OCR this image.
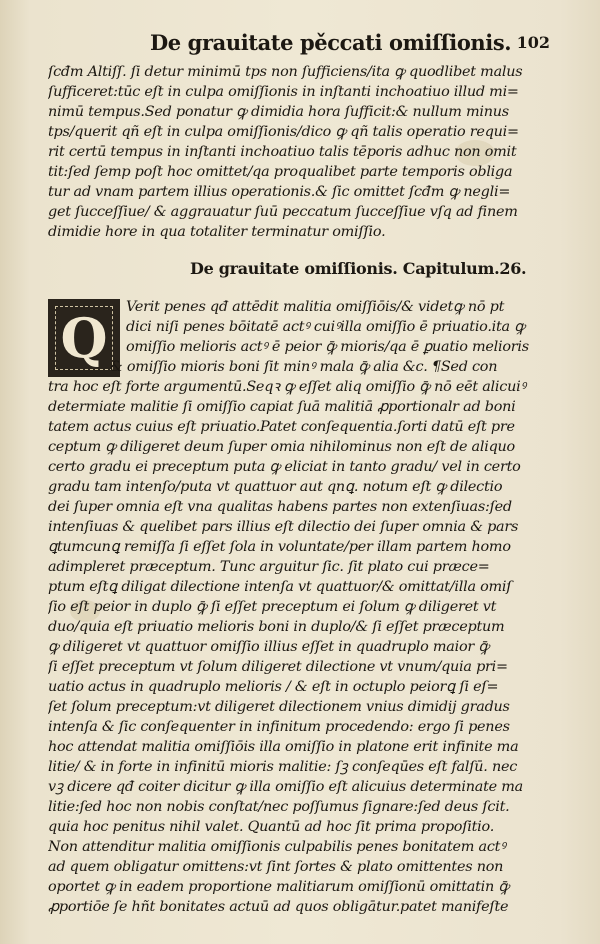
De grauitate pěccati omiſſionis. 102
ſcđm Altiſſ. ſi detur minimū tps non ſufficiens/ita ꝙ quodlibet malus
ſufficeret:tūc eſt in culpa omiſſionis in inſtanti inchoatiuo illud mi=
nimū tempus.Sed ponatur ꝙ dimidia hora ſufficit:& nullum minus
tps/querit qñ eſt in culpa omiſſionis/dico ꝙ qñ talis operatio requi=
rit certū tempus in inſtanti inchoatiuo talis tēporis adhuc non omit
tit:ſed ſemp poſt hoc omittet/qa proqualibet parte temporis obliga
tur ad vnam partem illius operationis.& ſic omittet ſcđm ꝙ negli=
get ſucceſſiue/ & aggrauatur ſuū peccatum ſucceſſiue vſq ad finem
dimidie hore in qua totaliter terminatur omiſſio.
De grauitate omiſſionis. Capitulum.26.
Q	Verit penes qđ attēdit malitia omiſſiōis/& videtꝙ nō pt
dici niſi penes bōitatē actꝰ cuiꝰilla omiſſio ē priuatio.ita ꝙ
omiſſio melioris actꝰ ē peior ꝙ̄ mioris/qa ē ꝑuatio melioris
& omiſſio mioris boni ſit minꝰ mala ꝙ̄ alia &c. ¶Sed con
tra hoc eſt forte argumentū.Seqꝛ ꝙ eſſet aliq omiſſio ꝙ̄ nō eēt alicuiꝰ
determiate malitie ſi omiſſio capiat ſuā malitiā ꝓportionalr ad boni
tatem actus cuius eſt priuatio.Patet conſequentia.ſorti datū eſt pre
ceptum ꝙ diligeret deum ſuper omia nihilominus non eſt de aliquo
certo gradu ei preceptum puta ꝙ eliciat in tanto gradu/ vel in certo
gradu tam intenſo/puta vt quattuor aut qnꝗ. notum eſt ꝙ dilectio
dei ſuper omnia eſt vna qualitas habens partes non extenſiuas:ſed
intenſiuas & quelibet pars illius eſt dilectio dei ſuper omnia & pars
ꝗtumcunꝗ remiſſa ſi eſſet ſola in voluntate/per illam partem homo
adimpleret præceptum. Tunc arguitur ſic. ſit plato cui præce=
ptum eſtꝗ diligat dilectione intenſa vt quattuor/& omittat/illa omiſ
ſio eſt peior in duplo ꝙ̄ ſi eſſet preceptum ei ſolum ꝙ diligeret vt
duo/quia eſt priuatio melioris boni in duplo/& ſi eſſet præceptum
ꝙ diligeret vt quattuor omiſſio illius eſſet in quadruplo maior ꝙ̄
ſi eſſet preceptum vt ſolum diligeret dilectione vt vnum/quia pri=
uatio actus in quadruplo melioris / & eſt in octuplo peiorꝗ ſi eſ=
ſet ſolum preceptum:vt diligeret dilectionem vnius dimidij gradus
intenſa & ſic conſequenter in infinitum procedendo: ergo ſi penes
hoc attendat malitia omiſſiōis illa omiſſio in platone erit infinite ma
litie/ & in forte in infinitū mioris malitie: ſꝫ conſeqūes eſt falſū. nec
vꝫ dicere qđ coiter dicitur ꝙ illa omiſſio eſt alicuius determinate ma
litie:ſed hoc non nobis conſtat/nec poſſumus ſignare:ſed deus ſcit.
quia hoc penitus nihil valet. Quantū ad hoc ſit prima propoſitio.
Non attenditur malitia omiſſionis culpabilis penes bonitatem actꝰ
ad quem obligatur omittens:vt ſint ſortes & plato omittentes non
oportet ꝙ in eadem proportione malitiarum omiſſionū omittatin ꝙ̄
ꝓportiōe ſe hñt bonitates actuū ad quos obligātur.patet manifeſte
